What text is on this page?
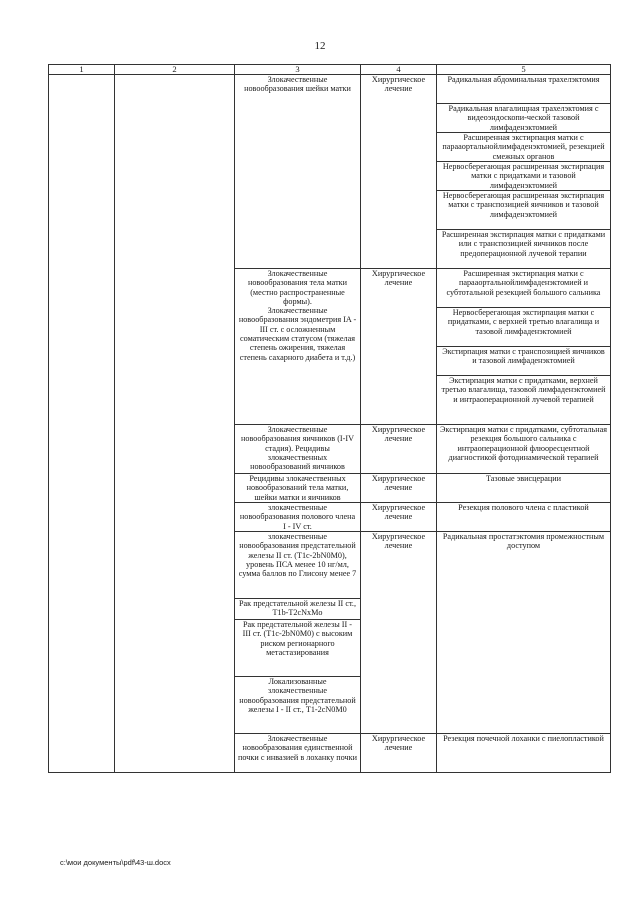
12
1	2	3	4	5
		Злокачественные новообразования шейки матки	Хирургическое лечение	Радикальная абдоминальная трахелэктомия
				Радикальная влагалищная трахелэктомия с видеоэндоскопи-ческой тазовой лимфаденэктомией
				Расширенная экстирпация матки с парааортальнойлимфаденэктомией, резекцией смежных органов
				Нервосберегающая расширенная экстирпация матки с придатками и тазовой лимфаденэктомией
				Нервосберегающая расширенная экстирпация матки с транспозицией яичников и тазовой лимфаденэктомией
				Расширенная экстирпация матки с придатками или с транспозицией яичников после предоперационной лучевой терапии

		Злокачественные новообразования тела матки (местно распространенные формы).
Злокачественные новообразования эндометрия IA - III ст. с осложненным соматическим статусом (тяжелая степень ожирения, тяжелая степень сахарного диабета и т.д.)	Хирургическое лечение	Расширенная экстирпация матки с парааортальнойлимфаденэктомией и субтотальной резекцией большого сальника
				Нервосберегающая экстирпация матки с придатками, с верхней третью влагалища и тазовой лимфаденэктомией
				Экстирпация матки с транспозицией яичников и тазовой лимфаденэктомией
				Экстирпация матки с придатками, верхней третью влагалища, тазовой лимфаденэктомией и интраоперационной лучевой терапией
		Злокачественные новообразования яичников (I-IV стадия). Рецидивы злокачественных новообразований яичников	Хирургическое лечение	Экстирпация матки с придатками, субтотальная резекция большого сальника с интраоперационной флюоресцентной диагностикой фотодинамической терапией
		Рецидивы злокачественных новообразований тела матки, шейки матки и яичников	Хирургическое лечение	Тазовые эвисцерации
		злокачественные новообразования полового члена I - IV ст.	Хирургическое лечение	Резекция полового члена с пластикой
		злокачественные новообразования предстательной железы II ст. (T1c-2bN0M0), уровень ПСА менее 10 нг/мл, сумма баллов по Глисону менее 7	Хирургическое лечение	Радикальная простатэктомия промежностным доступом
		Рак предстательной железы II ст., T1b-T2cNxMo		
		Рак предстательной железы II - III ст. (T1c-2bN0M0) с высоким риском регионарного метастазирования		
		Локализованные злокачественные новообразования предстательной железы I - II ст., T1-2cN0M0		
		Злокачественные новообразования единственной почки с инвазией в лоханку почки	Хирургическое лечение	Резекция почечной лоханки с пиелопластикой
c:\мои документы\pdf\43-ш.docx
